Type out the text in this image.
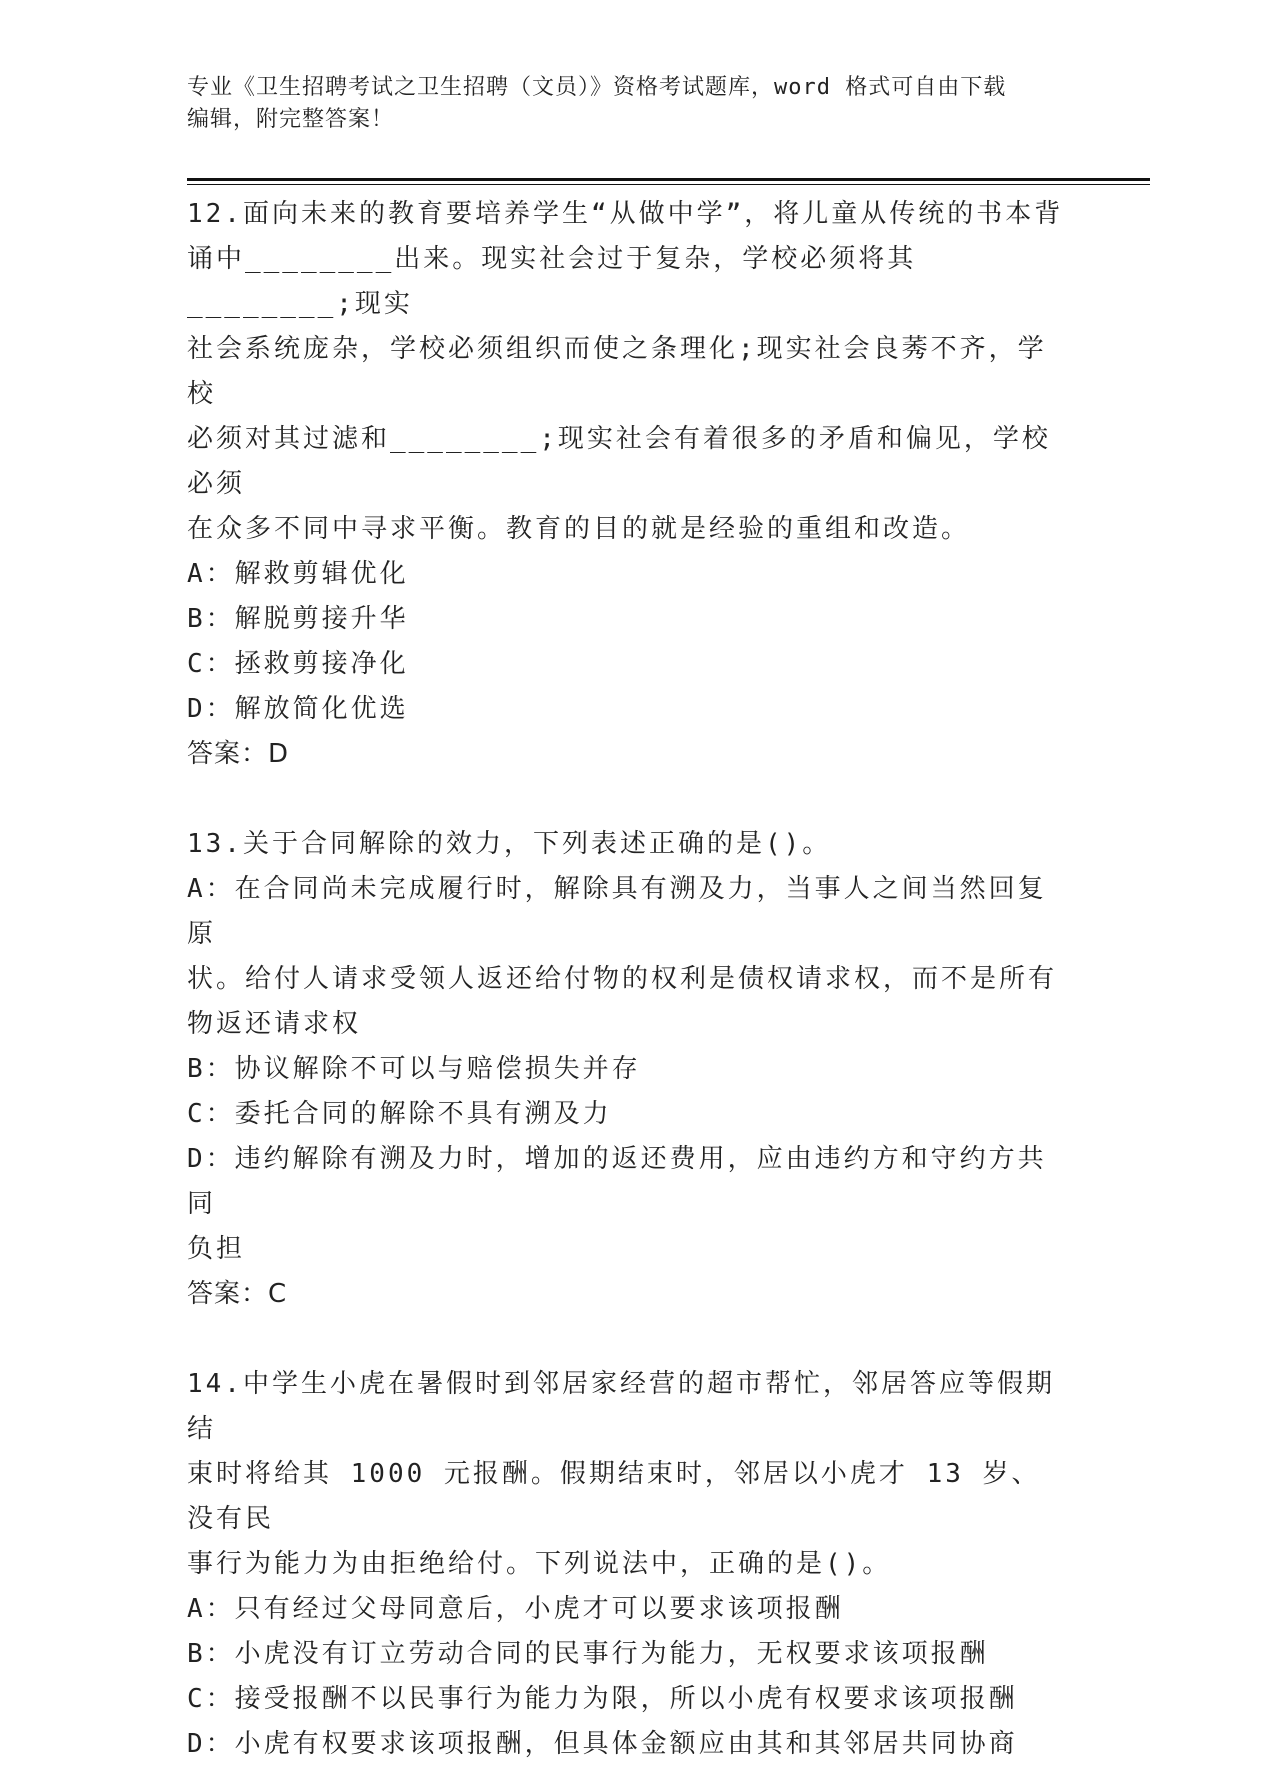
专业《卫生招聘考试之卫生招聘（文员）》资格考试题库，word 格式可自由下载
编辑，附完整答案！

12.面向未来的教育要培养学生“从做中学”，将儿童从传统的书本背

诵中________出来。现实社会过于复杂，学校必须将其________;现实

社会系统庞杂，学校必须组织而使之条理化;现实社会良莠不齐，学校

必须对其过滤和________;现实社会有着很多的矛盾和偏见，学校必须

在众多不同中寻求平衡。教育的目的就是经验的重组和改造。

A：解救剪辑优化

B：解脱剪接升华

C：拯救剪接净化

D：解放简化优选

答案：D

13.关于合同解除的效力，下列表述正确的是()。

A：在合同尚未完成履行时，解除具有溯及力，当事人之间当然回复原

状。给付人请求受领人返还给付物的权利是债权请求权，而不是所有

物返还请求权

B：协议解除不可以与赔偿损失并存

C：委托合同的解除不具有溯及力

D：违约解除有溯及力时，增加的返还费用，应由违约方和守约方共同

负担

答案：C

14.中学生小虎在暑假时到邻居家经营的超市帮忙，邻居答应等假期结

束时将给其 1000 元报酬。假期结束时，邻居以小虎才 13 岁、没有民

事行为能力为由拒绝给付。下列说法中，正确的是()。

A：只有经过父母同意后，小虎才可以要求该项报酬

B：小虎没有订立劳动合同的民事行为能力，无权要求该项报酬

C：接受报酬不以民事行为能力为限，所以小虎有权要求该项报酬

D：小虎有权要求该项报酬，但具体金额应由其和其邻居共同协商
